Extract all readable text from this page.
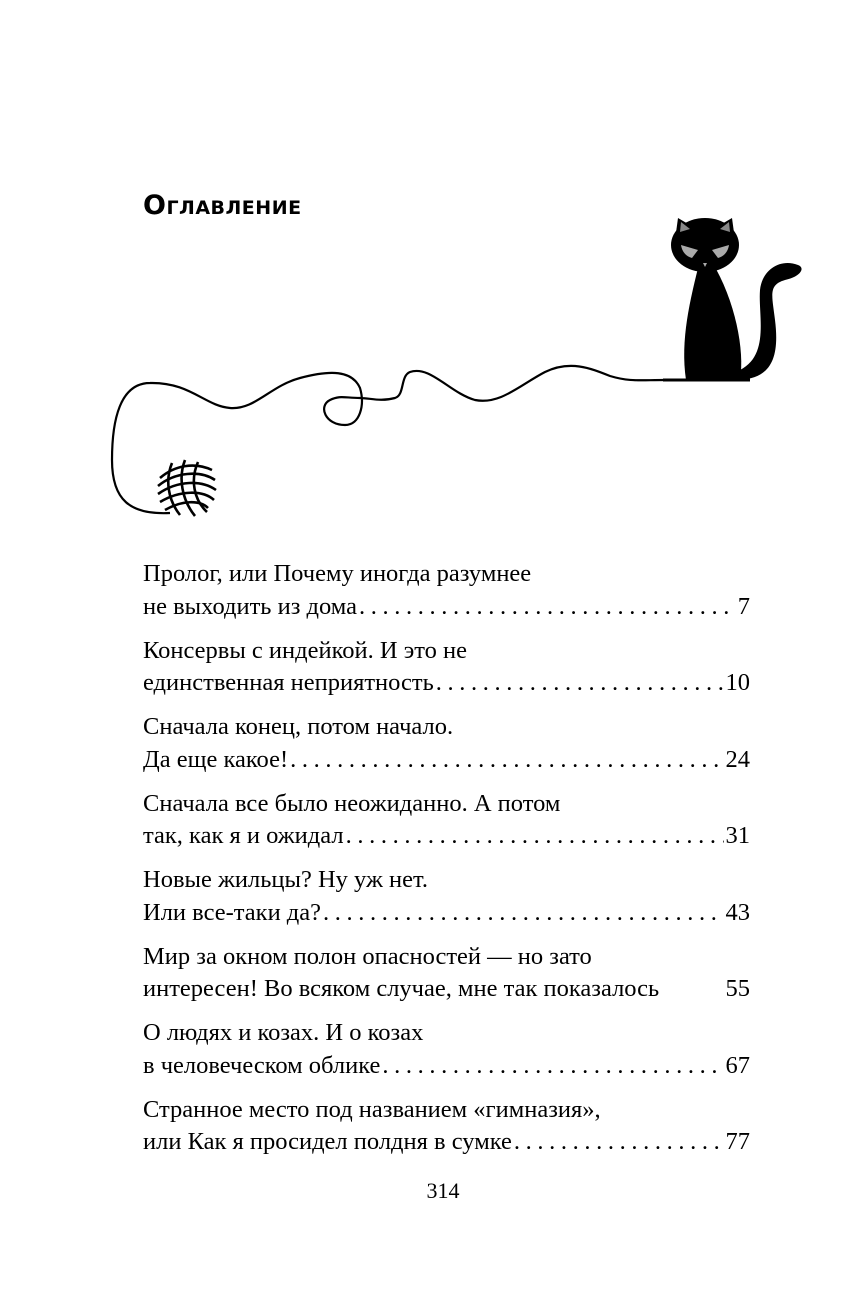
Оглавление
Пролог, или Почему иногда разумнее
не выходить из дома . . .	7
Консервы с индейкой. И это не
единственная неприятность . . .	10
Сначала конец, потом начало.
Да еще какое! . . .	24
Сначала все было неожиданно. А потом
так, как я и ожидал . . .	31
Новые жильцы? Ну уж нет.
Или все-таки да? . . .	43
Мир за окном полон опасностей — но зато
интересен! Во всяком случае, мне так показалось	55
О людях и козах. И о козах
в человеческом облике . . .	67
Странное место под названием «гимназия»,
или Как я просидел полдня в сумке . . .	77
314
